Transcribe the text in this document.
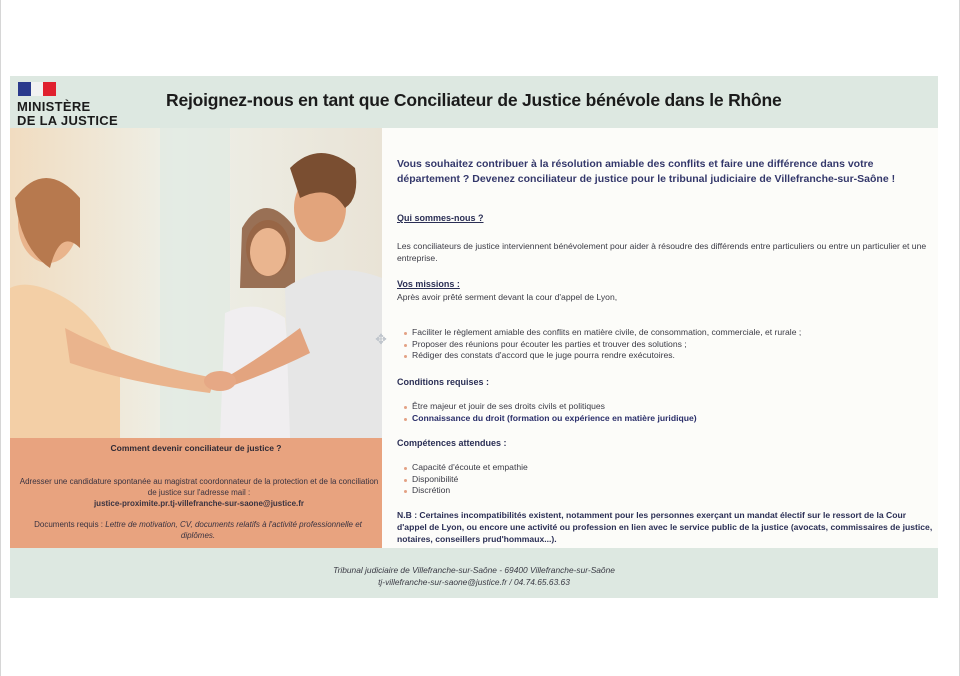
MINISTÈRE
DE LA JUSTICE
Rejoignez-nous en tant que Conciliateur de Justice bénévole dans le Rhône
Comment devenir conciliateur de justice ?
Adresser une candidature spontanée au magistrat coordonnateur de la protection et de la conciliation de justice sur l'adresse mail :
justice-proximite.pr.tj-villefranche-sur-saone@justice.fr
Documents requis : Lettre de motivation, CV, documents relatifs à l'activité professionnelle et diplômes.
Vous souhaitez contribuer à la résolution amiable des conflits et faire une différence dans votre département ? Devenez conciliateur de justice pour le tribunal judiciaire de Villefranche-sur-Saône !
Qui sommes-nous ?
Les conciliateurs de justice interviennent bénévolement pour aider à résoudre des différends entre particuliers ou entre un particulier et une entreprise.
Vos missions :
Après avoir prêté serment devant la cour d'appel de Lyon,
Faciliter le règlement amiable des conflits en matière civile, de consommation, commerciale, et rurale ;
Proposer des réunions pour écouter les parties et trouver des solutions ;
Rédiger des constats d'accord que le juge pourra rendre exécutoires.
Conditions requises :
Être majeur et jouir de ses droits civils et politiques
Connaissance du droit (formation ou expérience en matière juridique)
Compétences attendues :
Capacité d'écoute et empathie
Disponibilité
Discrétion
N.B : Certaines incompatibilités existent, notamment pour les personnes exerçant un mandat électif sur le ressort de la Cour d'appel de Lyon, ou encore une activité ou profession en lien avec le service public de la justice (avocats, commissaires de justice, notaires, conseillers prud'hommaux...).
✥
Tribunal judiciaire de Villefranche-sur-Saône - 69400 Villefranche-sur-Saône
tj-villefranche-sur-saone@justice.fr / 04.74.65.63.63
